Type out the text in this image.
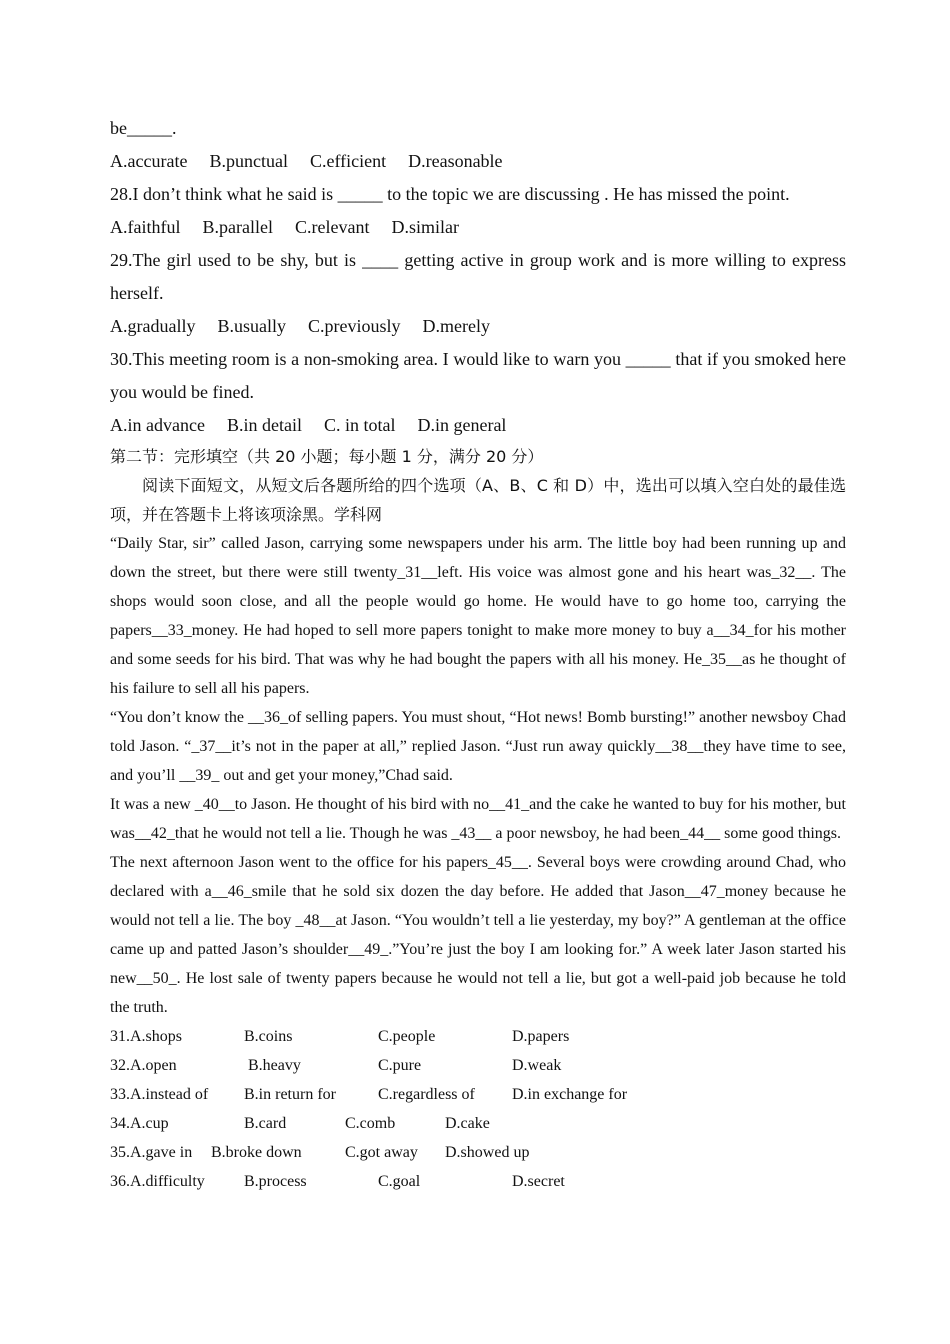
be_____.
A.accurate B.punctual C.efficient D.reasonable
28.I don’t think what he said is _____ to the topic we are discussing . He has missed the point.
A.faithful B.parallel C.relevant D.similar
29.The girl used to be shy, but is ____ getting active in group work and is more willing to express herself.
A.gradually B.usually C.previously D.merely
30.This meeting room is a non-smoking area. I would like to warn you _____ that if you smoked here you would be fined.
A.in advance B.in detail C. in total D.in general
第二节：完形填空（共 20 小题；每小题 1 分，满分 20 分）
阅读下面短文，从短文后各题所给的四个选项（A、B、C 和 D）中，选出可以填入空白处的最佳选项，并在答题卡上将该项涂黑。学科网
“Daily Star, sir” called Jason, carrying some newspapers under his arm. The little boy had been running up and down the street, but there were still twenty_31__left. His voice was almost gone and his heart was_32__. The shops would soon close, and all the people would go home. He would have to go home too, carrying the papers__33_money. He had hoped to sell more papers tonight to make more money to buy a__34_for his mother and some seeds for his bird. That was why he had bought the papers with all his money. He_35__as he thought of his failure to sell all his papers.
“You don’t know the __36_of selling papers. You must shout, “Hot news! Bomb bursting!” another newsboy Chad told Jason. “_37__it’s not in the paper at all,” replied Jason. “Just run away quickly__38__they have time to see, and you’ll __39_ out and get your money,”Chad said.
It was a new _40__to Jason. He thought of his bird with no__41_and the cake he wanted to buy for his mother, but was__42_that he would not tell a lie. Though he was _43__ a poor newsboy, he had been_44__ some good things.
The next afternoon Jason went to the office for his papers_45__. Several boys were crowding around Chad, who declared with a__46_smile that he sold six dozen the day before. He added that Jason__47_money because he would not tell a lie. The boy _48__at Jason. “You wouldn’t tell a lie yesterday, my boy?” A gentleman at the office came up and patted Jason’s shoulder__49_.”You’re just the boy I am looking for.” A week later Jason started his new__50_. He lost sale of twenty papers because he would not tell a lie, but got a well-paid job because he told the truth.
31.A.shops	B.coins	C.people	D.papers
32.A.open	B.heavy	C.pure	D.weak
33.A.instead of	B.in return for	C.regardless of	D.in exchange for
34.A.cup	B.card	C.comb	D.cake
35.A.gave in	B.broke down	C.got away	D.showed up
36.A.difficulty	B.process	C.goal	D.secret
